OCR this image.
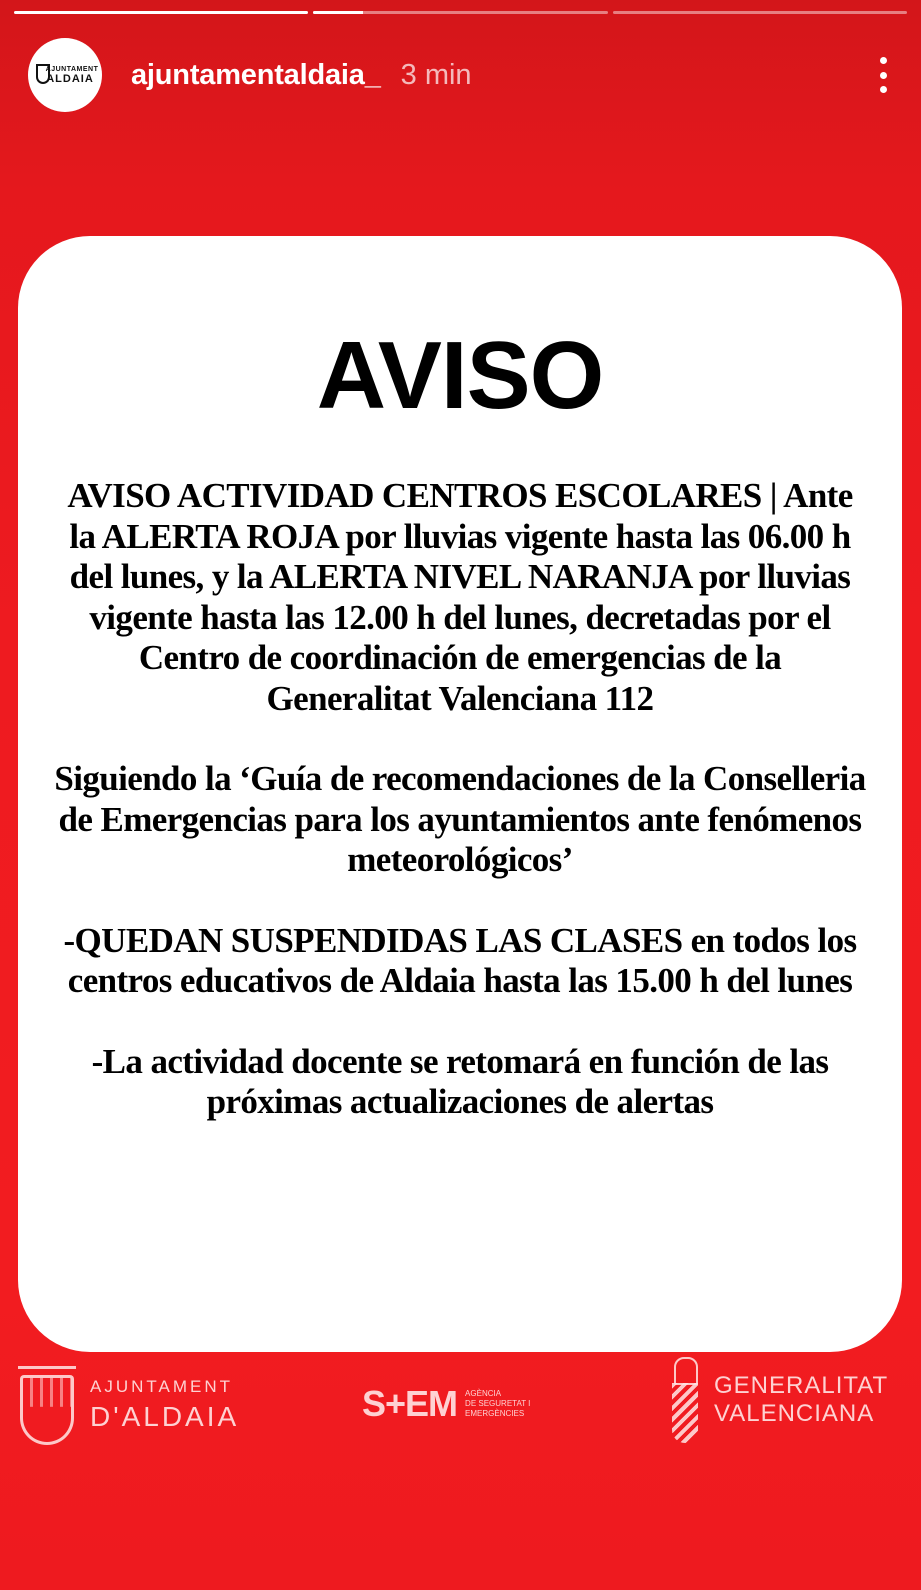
AJUNTAMENT
ALDAIA ajuntamentaldaia_ 3 min
AVISO

AVISO ACTIVIDAD CENTROS ESCOLARES | Ante la ALERTA ROJA por lluvias vigente hasta las 06.00 h del lunes, y la ALERTA NIVEL NARANJA por lluvias vigente hasta las 12.00 h del lunes, decretadas por el Centro de coordinación de emergencias de la Generalitat Valenciana 112

Siguiendo la ‘Guía de recomendaciones de la Conselleria de Emergencias para los ayuntamientos ante fenómenos meteorológicos’

-QUEDAN SUSPENDIDAS LAS CLASES en todos los centros educativos de Aldaia hasta las 15.00 h del lunes

-La actividad docente se retomará en función de las próximas actualizaciones de alertas

AJUNTAMENT
D'ALDAIA	S+EM AGÈNCIA
DE SEGURETAT I
EMERGÈNCIES
GENERALITAT
VALENCIANA
